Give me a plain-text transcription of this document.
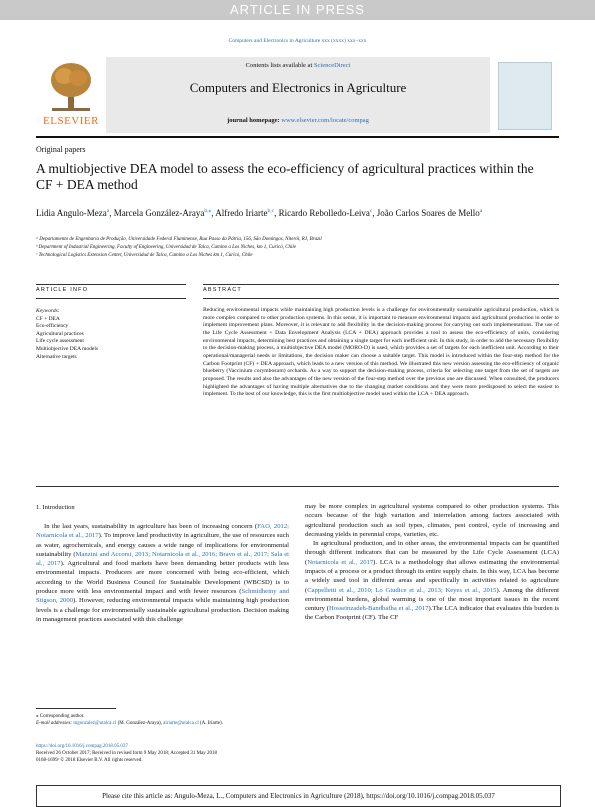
ARTICLE IN PRESS
Computers and Electronics in Agriculture xxx (xxxx) xxx–xxx
ELSEVIER
Contents lists available at ScienceDirect
Computers and Electronics in Agriculture
journal homepage: www.elsevier.com/locate/compag
Original papers
A multiobjective DEA model to assess the eco-efficiency of agricultural practices within the CF + DEA method
Lidia Angulo-Meza$^a$, Marcela González-Araya$^{b,⁎}$, Alfredo Iriarte$^{b,c}$, Ricardo Rebolledo-Leiva$^c$, João Carlos Soares de Mello$^a$
ᵃ Departamento de Engenharia de Produção, Universidade Federal Fluminense, Rua Passo da Pátria, 156, São Domingos, Niterói, RJ, Brazil
ᵇ Department of Industrial Engineering, Faculty of Engineering, Universidad de Talca, Camino a Los Niches, km 1, Curicó, Chile
ᶜ Technological Logistics Extension Center, Universidad de Talca, Camino a Los Niches km 1, Curicó, Chile
ARTICLE INFO	ABSTRACT
Keywords:
CF + DEA
Eco-efficiency
Agricultural practices
Life cycle assessment
Multiobjective DEA models
Alternative targets
Reducing environmental impacts while maintaining high production levels is a challenge for environmentally sustainable agricultural production, which is more complex compared to other production systems. In this sense, it is important to measure environmental impacts and agricultural production in order to implement improvement plans. Moreover, it is relevant to add flexibility in the decision-making process for carrying out such implementations. The use of the Life Cycle Assessment + Data Envelopment Analysis (LCA + DEA) approach provides a tool to assess the eco-efficiency of units, considering environmental impacts, determining best practices and obtaining a single target for each inefficient unit. In this study, in order to add the necessary flexibility to the decision-making process, a multiobjective DEA model (MORO-D) is used, which provides a set of targets for each inefficient unit. According to their operational/managerial needs or limitations, the decision maker can choose a suitable target. This model is introduced within the four-step method for the Carbon Footprint (CF) + DEA approach, which leads to a new version of this method. We illustrated this new version assessing the eco-efficiency of organic blueberry (Vaccinium corymbosum) orchards. As a way to support the decision-making process, criteria for selecting one target from the set of targets are proposed. The results and also the advantages of the new version of the four-step method over the previous one are discussed. When consulted, the producers highlighted the advantages of having multiple alternatives due to the changing market conditions and they were more predisposed to select the easiest to implement. To the best of our knowledge, this is the first multiobjective model used within the LCA + DEA approach.
1. Introduction

In the last years, sustainability in agriculture has been of increasing concern (FAO, 2012; Notarnicola et al., 2017). To improve land productivity in agriculture, the use of resources such as water, agrochemicals, and energy causes a wide range of implications for environmental sustainability (Manzini and Accorsi, 2013; Notarnicola et al., 2016; Bravo et al., 2017; Sala et al., 2017). Agricultural and food markets have been demanding better products with less environmental impacts. Producers are more concerned with being eco-efficient, which according to the World Business Council for Sustainable Development (WBCSD) is to produce more with less environmental impact and with fewer resources (Schmidheiny and Stigson, 2000). However, reducing environmental impacts while maintaining high production levels is a challenge for environmentally sustainable agricultural production. Decision making in management practices associated with this challenge

may be more complex in agricultural systems compared to other production systems. This occurs because of the high variation and interrelation among factors associated with agricultural production such as soil types, climates, pest control, cycle of increasing and decreasing yields in perennial crops, varieties, etc.

In agricultural production, and in other areas, the environmental impacts can be quantified through different indicators that can be measured by the Life Cycle Assessment (LCA) (Notarnicola et al., 2017). LCA is a methodology that allows estimating the environmental impacts of a process or a product through its entire supply chain. In this way, LCA has become a widely used tool in different areas and specifically in activities related to agriculture (Cappelletti et al., 2010; Lo Giudice et al., 2013; Keyes et al., 2015). Among the different environmental burdens, global warming is one of the most important issues in the recent century (Hosseinzadeh-Bandbafha et al., 2017).The LCA indicator that evaluates this burden is the Carbon Footprint (CF). The CF

⁎ Corresponding author.
E-mail addresses: mgonzalez@utalca.cl (M. González-Araya), airiarte@utalca.cl (A. Iriarte).
https://doi.org/10.1016/j.compag.2018.05.037
Received 26 October 2017; Received in revised form 9 May 2018; Accepted 31 May 2018
0168-1699/ © 2018 Elsevier B.V. All rights reserved.
Please cite this article as: Angulo-Meza, L., Computers and Electronics in Agriculture (2018), https://doi.org/10.1016/j.compag.2018.05.037
